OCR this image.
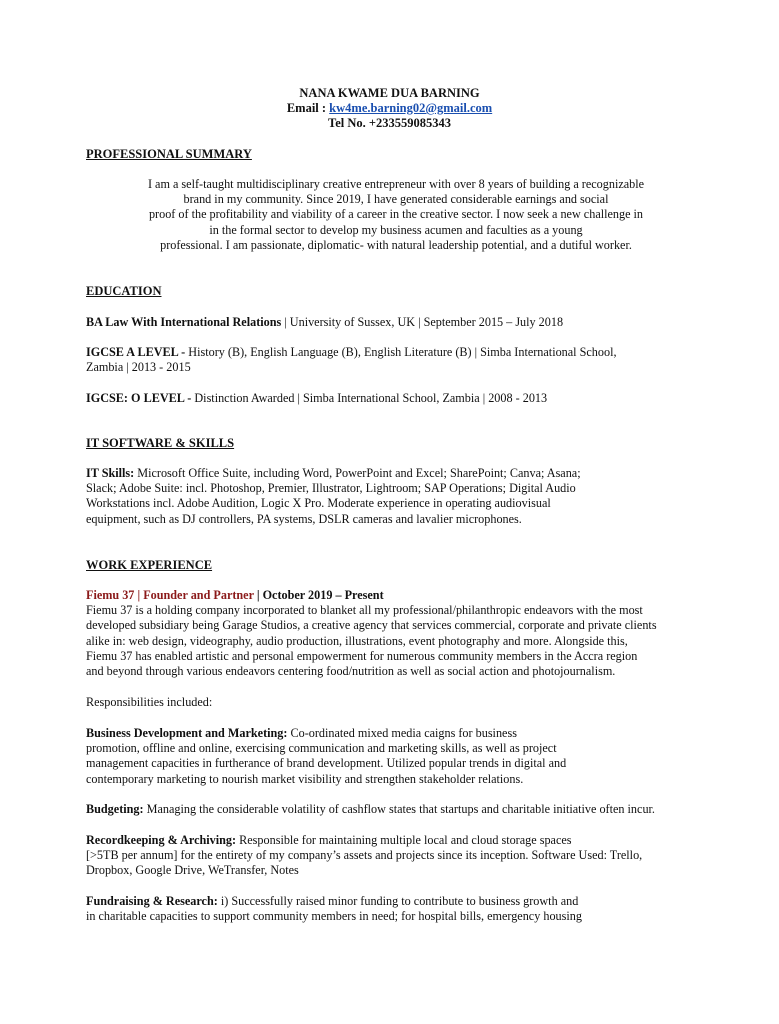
NANA KWAME DUA BARNING
Email : kw4me.barning02@gmail.com
Tel No. +233559085343
PROFESSIONAL SUMMARY
I am a self-taught multidisciplinary creative entrepreneur with over 8 years of building a recognizable
brand in my community. Since 2019, I have generated considerable earnings and social
proof of the profitability and viability of a career in the creative sector. I now seek a new challenge in
in the formal sector to develop my business acumen and faculties as a young
professional. I am passionate, diplomatic- with natural leadership potential, and a dutiful worker.
EDUCATION
BA Law With International Relations | University of Sussex, UK | September 2015 – July 2018
IGCSE A LEVEL - History (B), English Language (B), English Literature (B) | Simba International School,
Zambia | 2013 - 2015
IGCSE: O LEVEL - Distinction Awarded | Simba International School, Zambia | 2008 - 2013
IT SOFTWARE & SKILLS
IT Skills: Microsoft Office Suite, including Word, PowerPoint and Excel; SharePoint; Canva; Asana;
Slack; Adobe Suite: incl. Photoshop, Premier, Illustrator, Lightroom; SAP Operations; Digital Audio
Workstations incl. Adobe Audition, Logic X Pro. Moderate experience in operating audiovisual
equipment, such as DJ controllers, PA systems, DSLR cameras and lavalier microphones.
WORK EXPERIENCE
Fiemu 37 | Founder and Partner | October 2019 – Present
Fiemu 37 is a holding company incorporated to blanket all my professional/philanthropic endeavors with the most
developed subsidiary being Garage Studios, a creative agency that services commercial, corporate and private clients
alike in: web design, videography, audio production, illustrations, event photography and more. Alongside this,
Fiemu 37 has enabled artistic and personal empowerment for numerous community members in the Accra region
and beyond through various endeavors centering food/nutrition as well as social action and photojournalism.
Responsibilities included:
Business Development and Marketing: Co-ordinated mixed media caigns for business
promotion, offline and online, exercising communication and marketing skills, as well as project
management capacities in furtherance of brand development. Utilized popular trends in digital and
contemporary marketing to nourish market visibility and strengthen stakeholder relations.
Budgeting: Managing the considerable volatility of cashflow states that startups and charitable initiative often incur.
Recordkeeping & Archiving: Responsible for maintaining multiple local and cloud storage spaces
[>5TB per annum] for the entirety of my company’s assets and projects since its inception. Software Used: Trello,
Dropbox, Google Drive, WeTransfer, Notes
Fundraising & Research: i) Successfully raised minor funding to contribute to business growth and
in charitable capacities to support community members in need; for hospital bills, emergency housing
